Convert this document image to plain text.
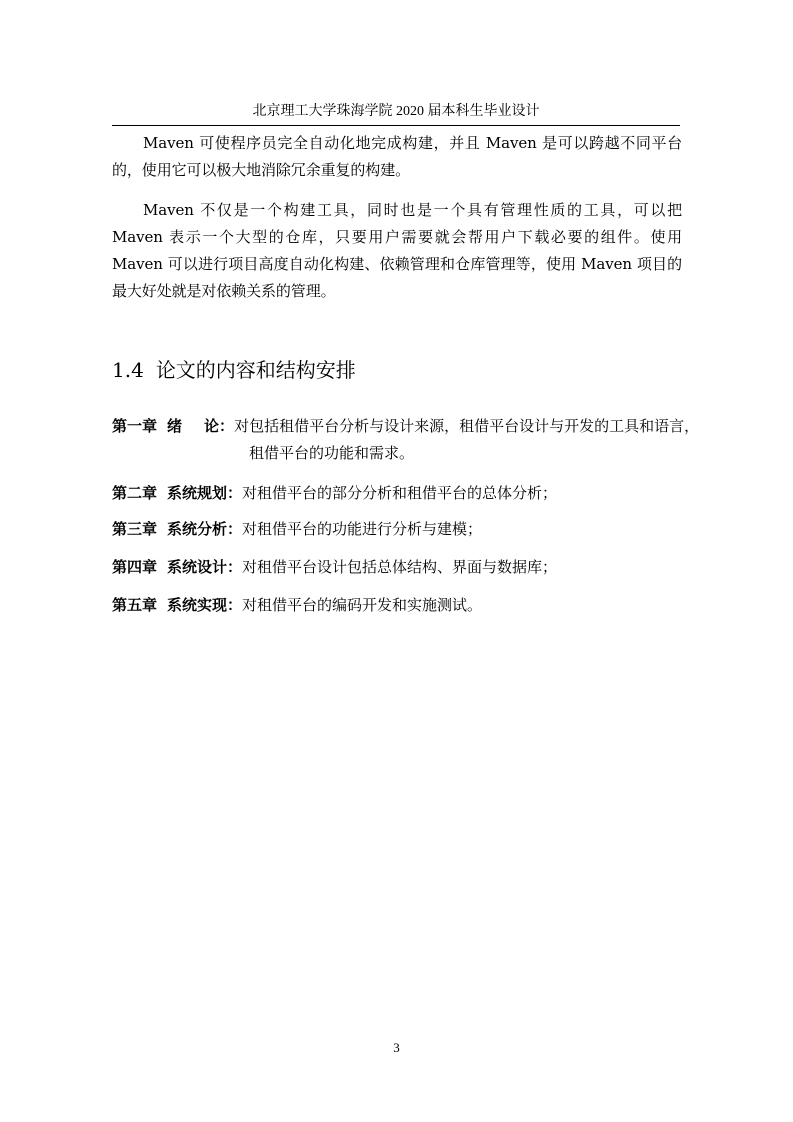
北京理工大学珠海学院 2020 届本科生毕业设计

Maven 可使程序员完全自动化地完成构建，并且 Maven 是可以跨越不同平台的，使用它可以极大地消除冗余重复的构建。

Maven 不仅是一个构建工具，同时也是一个具有管理性质的工具，可以把 Maven 表示一个大型的仓库，只要用户需要就会帮用户下载必要的组件。使用 Maven 可以进行项目高度自动化构建、依赖管理和仓库管理等，使用 Maven 项目的最大好处就是对依赖关系的管理。

1.4 论文的内容和结构安排
第一章 绪 论：对包括租借平台分析与设计来源，租借平台设计与开发的工具和语言，
租借平台的功能和需求。
第二章 系统规划：对租借平台的部分分析和租借平台的总体分析；
第三章 系统分析：对租借平台的功能进行分析与建模；
第四章 系统设计：对租借平台设计包括总体结构、界面与数据库；
第五章 系统实现：对租借平台的编码开发和实施测试。
3
